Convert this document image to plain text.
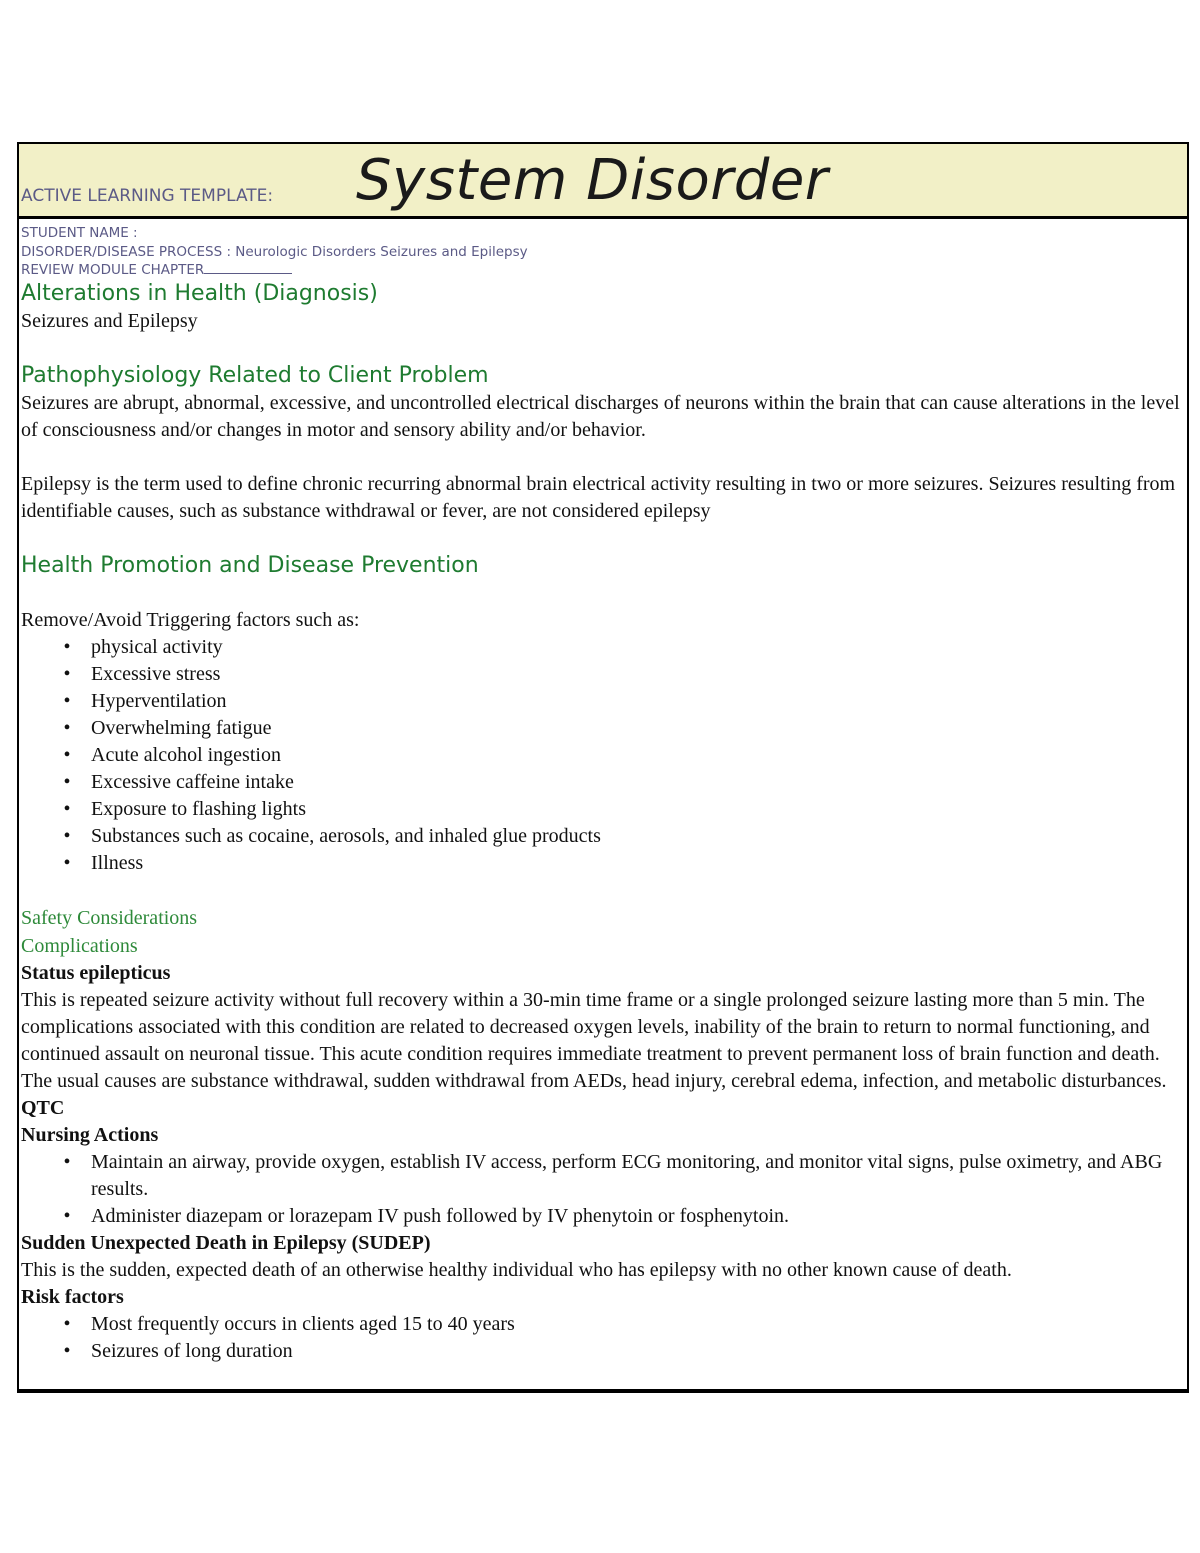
ACTIVE LEARNING TEMPLATE: System Disorder
STUDENT NAME :
DISORDER/DISEASE PROCESS : Neurologic Disorders Seizures and Epilepsy
REVIEW MODULE CHAPTER
Alterations in Health (Diagnosis)
Seizures and Epilepsy
Pathophysiology Related to Client Problem
Seizures are abrupt, abnormal, excessive, and uncontrolled electrical discharges of neurons within the brain that can cause alterations in the level of consciousness and/or changes in motor and sensory ability and/or behavior.
Epilepsy is the term used to define chronic recurring abnormal brain electrical activity resulting in two or more seizures. Seizures resulting from identifiable causes, such as substance withdrawal or fever, are not considered epilepsy
Health Promotion and Disease Prevention
Remove/Avoid Triggering factors such as:
•	physical activity
•	Excessive stress
•	Hyperventilation
•	Overwhelming fatigue
•	Acute alcohol ingestion
•	Excessive caffeine intake
•	Exposure to flashing lights
•	Substances such as cocaine, aerosols, and inhaled glue products
•	Illness
Safety Considerations
Complications
Status epilepticus
This is repeated seizure activity without full recovery within a 30-min time frame or a single prolonged seizure lasting more than 5 min. The complications associated with this condition are related to decreased oxygen levels, inability of the brain to return to normal functioning, and continued assault on neuronal tissue. This acute condition requires immediate treatment to prevent permanent loss of brain function and death.
The usual causes are substance withdrawal, sudden withdrawal from AEDs, head injury, cerebral edema, infection, and metabolic disturbances. QTC
Nursing Actions
•	Maintain an airway, provide oxygen, establish IV access, perform ECG monitoring, and monitor vital signs, pulse oximetry, and ABG results.
•	Administer diazepam or lorazepam IV push followed by IV phenytoin or fosphenytoin.
Sudden Unexpected Death in Epilepsy (SUDEP)
This is the sudden, expected death of an otherwise healthy individual who has epilepsy with no other known cause of death.
Risk factors
•	Most frequently occurs in clients aged 15 to 40 years
•	Seizures of long duration
